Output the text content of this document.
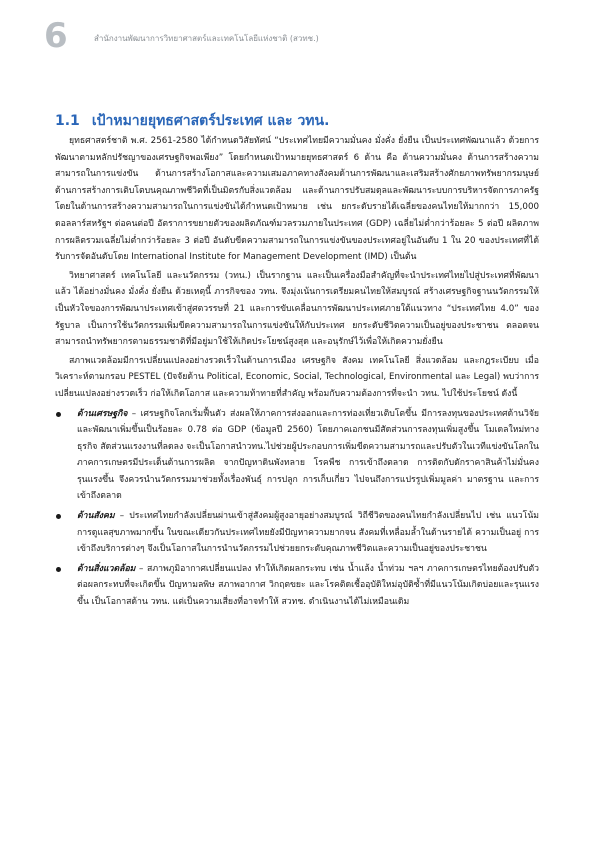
6	สำนักงานพัฒนาการวิทยาศาสตร์และเทคโนโลยีแห่งชาติ (สวทช.)
1.1 เป้าหมายยุทธศาสตร์ประเทศ และ วทน.

ยุทธศาสตร์ชาติ พ.ศ. 2561-2580 ได้กำหนดวิสัยทัศน์ “ประเทศไทยมีความมั่นคง มั่งคั่ง ยั่งยืน เป็นประเทศพัฒนาแล้ว ด้วยการพัฒนาตามหลักปรัชญาของเศรษฐกิจพอเพียง” โดยกำหนดเป้าหมายยุทธศาสตร์ 6 ด้าน คือ ด้านความมั่นคง ด้านการสร้างความสามารถในการแข่งขัน ด้านการสร้างโอกาสและความเสมอภาคทางสังคมด้านการพัฒนาและเสริมสร้างศักยภาพทรัพยากรมนุษย์ด้านการสร้างการเติบโตบนคุณภาพชีวิตที่เป็นมิตรกับสิ่งแวดล้อม และด้านการปรับสมดุลและพัฒนาระบบการบริหารจัดการภาครัฐ โดยในด้านการสร้างความสามารถในการแข่งขันได้กำหนดเป้าหมาย เช่น ยกระดับรายได้เฉลี่ยของคนไทยให้มากกว่า 15,000 ดอลลาร์สหรัฐฯ ต่อคนต่อปี อัตราการขยายตัวของผลิตภัณฑ์มวลรวมภายในประเทศ (GDP) เฉลี่ยไม่ต่ำกว่าร้อยละ 5 ต่อปี ผลิตภาพการผลิตรวมเฉลี่ยไม่ต่ำกว่าร้อยละ 3 ต่อปี อันดับขีดความสามารถในการแข่งขันของประเทศอยู่ในอันดับ 1 ใน 20 ของประเทศที่ได้รับการจัดอันดับโดย International Institute for Management Development (IMD) เป็นต้น

วิทยาศาสตร์ เทคโนโลยี และนวัตกรรม (วทน.) เป็นรากฐาน และเป็นเครื่องมือสำคัญที่จะนำประเทศไทยไปสู่ประเทศที่พัฒนาแล้ว ได้อย่างมั่นคง มั่งคั่ง ยั่งยืน ด้วยเหตุนี้ ภารกิจของ วทน. จึงมุ่งเน้นการเตรียมคนไทยให้สมบูรณ์ สร้างเศรษฐกิจฐานนวัตกรรมให้เป็นหัวใจของการพัฒนาประเทศเข้าสู่ศตวรรษที่ 21 และการขับเคลื่อนการพัฒนาประเทศภายใต้แนวทาง “ประเทศไทย 4.0” ของรัฐบาล เป็นการใช้นวัตกรรมเพิ่มขีดความสามารถในการแข่งขันให้กับประเทศ ยกระดับชีวิตความเป็นอยู่ของประชาชน ตลอดจนสามารถนำทรัพยากรตามธรรมชาติที่มีอยู่มาใช้ให้เกิดประโยชน์สูงสุด และอนุรักษ์ไว้เพื่อให้เกิดความยั่งยืน

สภาพแวดล้อมมีการเปลี่ยนแปลงอย่างรวดเร็วในด้านการเมือง เศรษฐกิจ สังคม เทคโนโลยี สิ่งแวดล้อม และกฎระเบียบ เมื่อวิเคราะห์ตามกรอบ PESTEL (ปัจจัยด้าน Political, Economic, Social, Technological, Environmental และ Legal) พบว่าการเปลี่ยนแปลงอย่างรวดเร็ว ก่อให้เกิดโอกาส และความท้าทายที่สำคัญ พร้อมกับความต้องการที่จะนำ วทน. ไปใช้ประโยชน์ ดังนี้

ด้านเศรษฐกิจ – เศรษฐกิจโลกเริ่มฟื้นตัว ส่งผลให้ภาคการส่งออกและการท่องเที่ยวเติบโตขึ้น มีการลงทุนของประเทศด้านวิจัยและพัฒนาเพิ่มขึ้นเป็นร้อยละ 0.78 ต่อ GDP (ข้อมูลปี 2560) โดยภาคเอกชนมีสัดส่วนการลงทุนเพิ่มสูงขึ้น โมเดลใหม่ทางธุรกิจ สัดส่วนแรงงานที่ลดลง จะเป็นโอกาสนำวทน.ไปช่วยผู้ประกอบการเพิ่มขีดความสามารถและปรับตัวในเวทีแข่งขันโลกในภาคการเกษตรมีประเด็นด้านการผลิต จากปัญหาดินพังทลาย โรคพืช การเข้าถึงตลาด การติดกับดักราคาสินค้าไม่มั่นคง รุนแรงขึ้น จึงควรนำนวัตกรรมมาช่วยทั้งเรื่องพันธุ์ การปลูก การเก็บเกี่ยว ไปจนถึงการแปรรูปเพิ่มมูลค่า มาตรฐาน และการเข้าถึงตลาด
ด้านสังคม – ประเทศไทยกำลังเปลี่ยนผ่านเข้าสู่สังคมผู้สูงอายุอย่างสมบูรณ์ วิถีชีวิตของคนไทยกำลังเปลี่ยนไป เช่น แนวโน้มการดูแลสุขภาพมากขึ้น ในขณะเดียวกันประเทศไทยยังมีปัญหาความยากจน สังคมที่เหลื่อมล้ำในด้านรายได้ ความเป็นอยู่ การเข้าถึงบริการต่างๆ จึงเป็นโอกาสในการนำนวัตกรรมไปช่วยยกระดับคุณภาพชีวิตและความเป็นอยู่ของประชาชน
ด้านสิ่งแวดล้อม – สภาพภูมิอากาศเปลี่ยนแปลง ทำให้เกิดผลกระทบ เช่น น้ำแล้ง น้ำท่วม ฯลฯ ภาคการเกษตรไทยต้องปรับตัวต่อผลกระทบที่จะเกิดขึ้น ปัญหามลพิษ สภาพอากาศ วิกฤตขยะ และโรคติดเชื้ออุบัติใหม่อุบัติซ้ำที่มีแนวโน้มเกิดบ่อยและรุนแรงขึ้น เป็นโอกาสด้าน วทน. แต่เป็นความเสี่ยงที่อาจทำให้ สวทช. ดำเนินงานได้ไม่เหมือนเดิม
